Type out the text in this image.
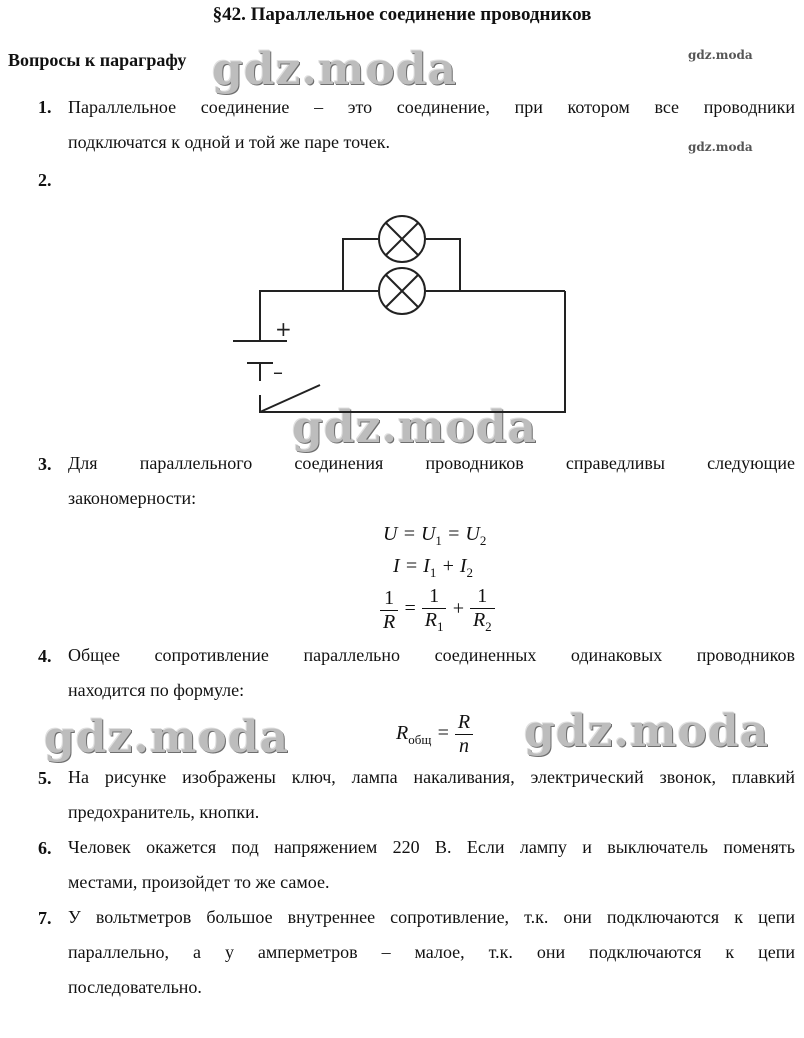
§42. Параллельное соединение проводников
Вопросы к параграфу gdz.moda	gdz.moda
gdz.moda
gdz.moda
gdz.moda	gdz.moda
1. Параллельное соединение – это соединение, при котором все проводники
подключатся к одной и той же паре точек.
2.
+
–
3. Для параллельного соединения проводников справедливы следующие
закономерности:
$U = U_1 = U_2$
$I = I_1 + I_2$
$\frac{1}{R} = \frac{1}{R_1} + \frac{1}{R_2}$
4. Общее сопротивление параллельно соединенных одинаковых проводников
находится по формуле:
$R_{общ} = \frac{R}{n}$
5. На рисунке изображены ключ, лампа накаливания, электрический звонок, плавкий
предохранитель, кнопки.
6. Человек окажется под напряжением 220 В. Если лампу и выключатель поменять
местами, произойдет то же самое.
7. У вольтметров большое внутреннее сопротивление, т.к. они подключаются к цепи
параллельно, а у амперметров – малое, т.к. они подключаются к цепи
последовательно.
